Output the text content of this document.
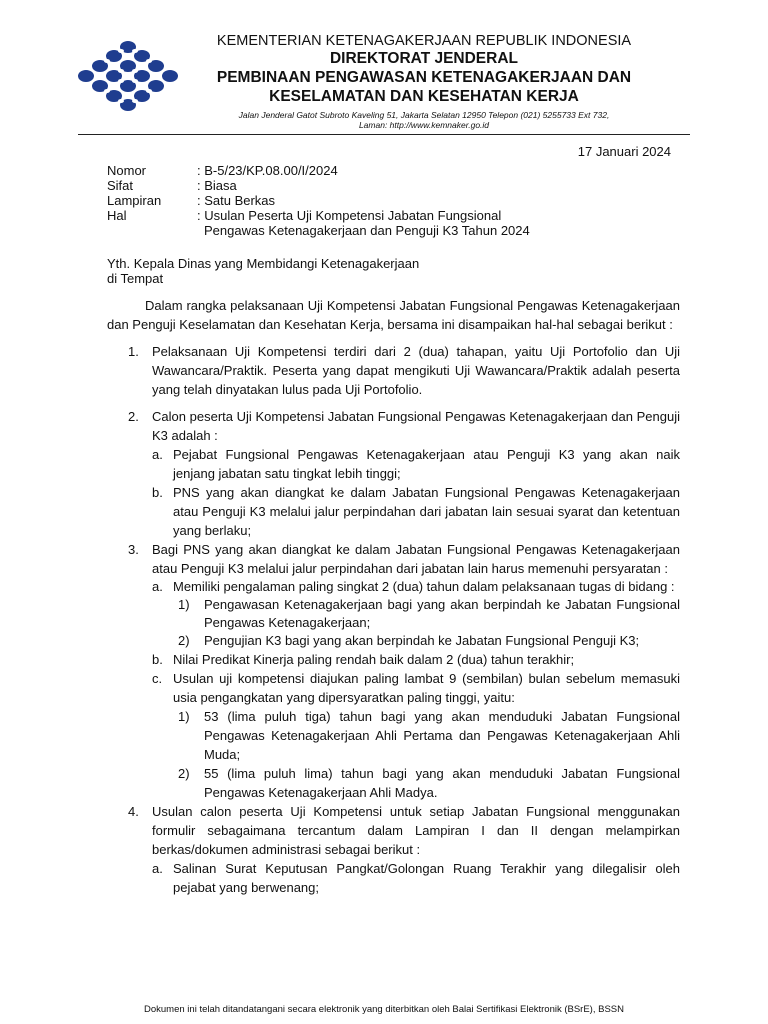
KEMENTERIAN KETENAGAKERJAAN REPUBLIK INDONESIA
DIREKTORAT JENDERAL
PEMBINAAN PENGAWASAN KETENAGAKERJAAN DAN
KESELAMATAN DAN KESEHATAN KERJA
Jalan Jenderal Gatot Subroto Kaveling 51, Jakarta Selatan 12950 Telepon (021) 5255733 Ext 732,
Laman: http://www.kemnaker.go.id
17 Januari 2024
Nomor	: B-5/23/KP.08.00/I/2024
Sifat	: Biasa
Lampiran	: Satu Berkas
Hal	: Usulan Peserta Uji Kompetensi Jabatan Fungsional
Pengawas Ketenagakerjaan dan Penguji K3 Tahun 2024
Yth. Kepala Dinas yang Membidangi Ketenagakerjaan
di Tempat

Dalam rangka pelaksanaan Uji Kompetensi Jabatan Fungsional Pengawas Ketenagakerjaan dan Penguji Keselamatan dan Kesehatan Kerja, bersama ini disampaikan hal-hal sebagai berikut :

1. Pelaksanaan Uji Kompetensi terdiri dari 2 (dua) tahapan, yaitu Uji Portofolio dan Uji Wawancara/Praktik. Peserta yang dapat mengikuti Uji Wawancara/Praktik adalah peserta yang telah dinyatakan lulus pada Uji Portofolio.
2. Calon peserta Uji Kompetensi Jabatan Fungsional Pengawas Ketenagakerjaan dan Penguji K3 adalah :
a. Pejabat Fungsional Pengawas Ketenagakerjaan atau Penguji K3 yang akan naik jenjang jabatan satu tingkat lebih tinggi;
b. PNS yang akan diangkat ke dalam Jabatan Fungsional Pengawas Ketenagakerjaan atau Penguji K3 melalui jalur perpindahan dari jabatan lain sesuai syarat dan ketentuan yang berlaku;
3. Bagi PNS yang akan diangkat ke dalam Jabatan Fungsional Pengawas Ketenagakerjaan atau Penguji K3 melalui jalur perpindahan dari jabatan lain harus memenuhi persyaratan :
a. Memiliki pengalaman paling singkat 2 (dua) tahun dalam pelaksanaan tugas di bidang :
1) Pengawasan Ketenagakerjaan bagi yang akan berpindah ke Jabatan Fungsional Pengawas Ketenagakerjaan;
2) Pengujian K3 bagi yang akan berpindah ke Jabatan Fungsional Penguji K3;
b. Nilai Predikat Kinerja paling rendah baik dalam 2 (dua) tahun terakhir;
c. Usulan uji kompetensi diajukan paling lambat 9 (sembilan) bulan sebelum memasuki usia pengangkatan yang dipersyaratkan paling tinggi, yaitu:
1) 53 (lima puluh tiga) tahun bagi yang akan menduduki Jabatan Fungsional Pengawas Ketenagakerjaan Ahli Pertama dan Pengawas Ketenagakerjaan Ahli Muda;
2) 55 (lima puluh lima) tahun bagi yang akan menduduki Jabatan Fungsional Pengawas Ketenagakerjaan Ahli Madya.
4. Usulan calon peserta Uji Kompetensi untuk setiap Jabatan Fungsional menggunakan formulir sebagaimana tercantum dalam Lampiran I dan II dengan melampirkan berkas/dokumen administrasi sebagai berikut :
a. Salinan Surat Keputusan Pangkat/Golongan Ruang Terakhir yang dilegalisir oleh pejabat yang berwenang;
Dokumen ini telah ditandatangani secara elektronik yang diterbitkan oleh Balai Sertifikasi Elektronik (BSrE), BSSN
